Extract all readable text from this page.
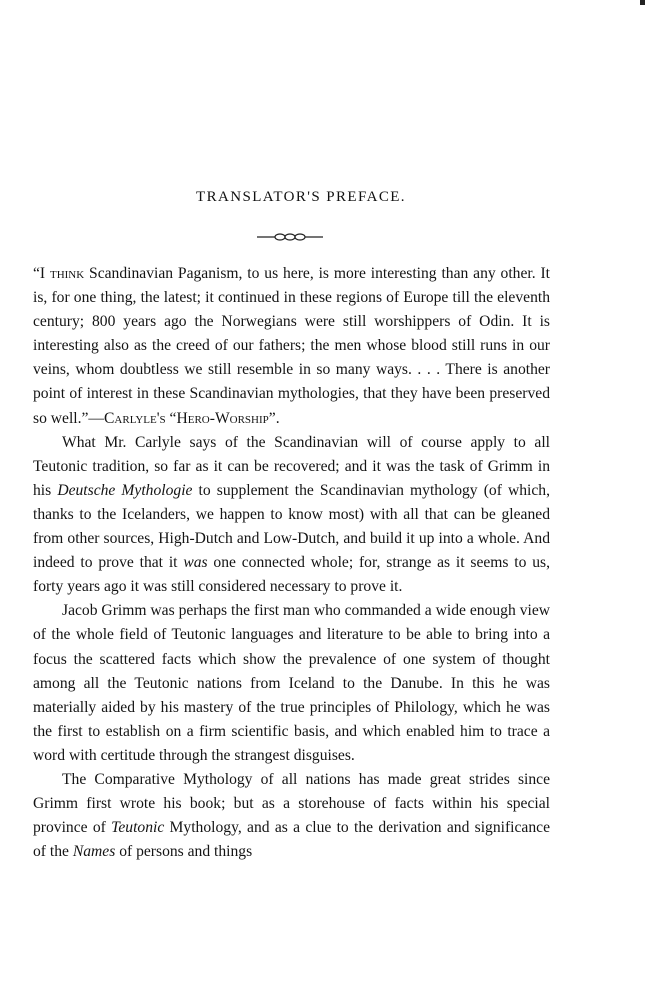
TRANSLATOR'S PREFACE.

“I think Scandinavian Paganism, to us here, is more interesting than any other. It is, for one thing, the latest; it continued in these regions of Europe till the eleventh century; 800 years ago the Norwegians were still worshippers of Odin. It is interesting also as the creed of our fathers; the men whose blood still runs in our veins, whom doubtless we still resemble in so many ways. . . . There is another point of interest in these Scandinavian mythologies, that they have been preserved so well.”—Carlyle's “Hero-Worship”.

What Mr. Carlyle says of the Scandinavian will of course apply to all Teutonic tradition, so far as it can be recovered; and it was the task of Grimm in his Deutsche Mythologie to supplement the Scandinavian mythology (of which, thanks to the Icelanders, we happen to know most) with all that can be gleaned from other sources, High-Dutch and Low-Dutch, and build it up into a whole. And indeed to prove that it was one connected whole; for, strange as it seems to us, forty years ago it was still considered necessary to prove it.

Jacob Grimm was perhaps the first man who commanded a wide enough view of the whole field of Teutonic languages and literature to be able to bring into a focus the scattered facts which show the prevalence of one system of thought among all the Teutonic nations from Iceland to the Danube. In this he was materially aided by his mastery of the true principles of Philology, which he was the first to establish on a firm scientific basis, and which enabled him to trace a word with certitude through the strangest disguises.

The Comparative Mythology of all nations has made great strides since Grimm first wrote his book; but as a storehouse of facts within his special province of Teutonic Mythology, and as a clue to the derivation and significance of the Names of persons and things
